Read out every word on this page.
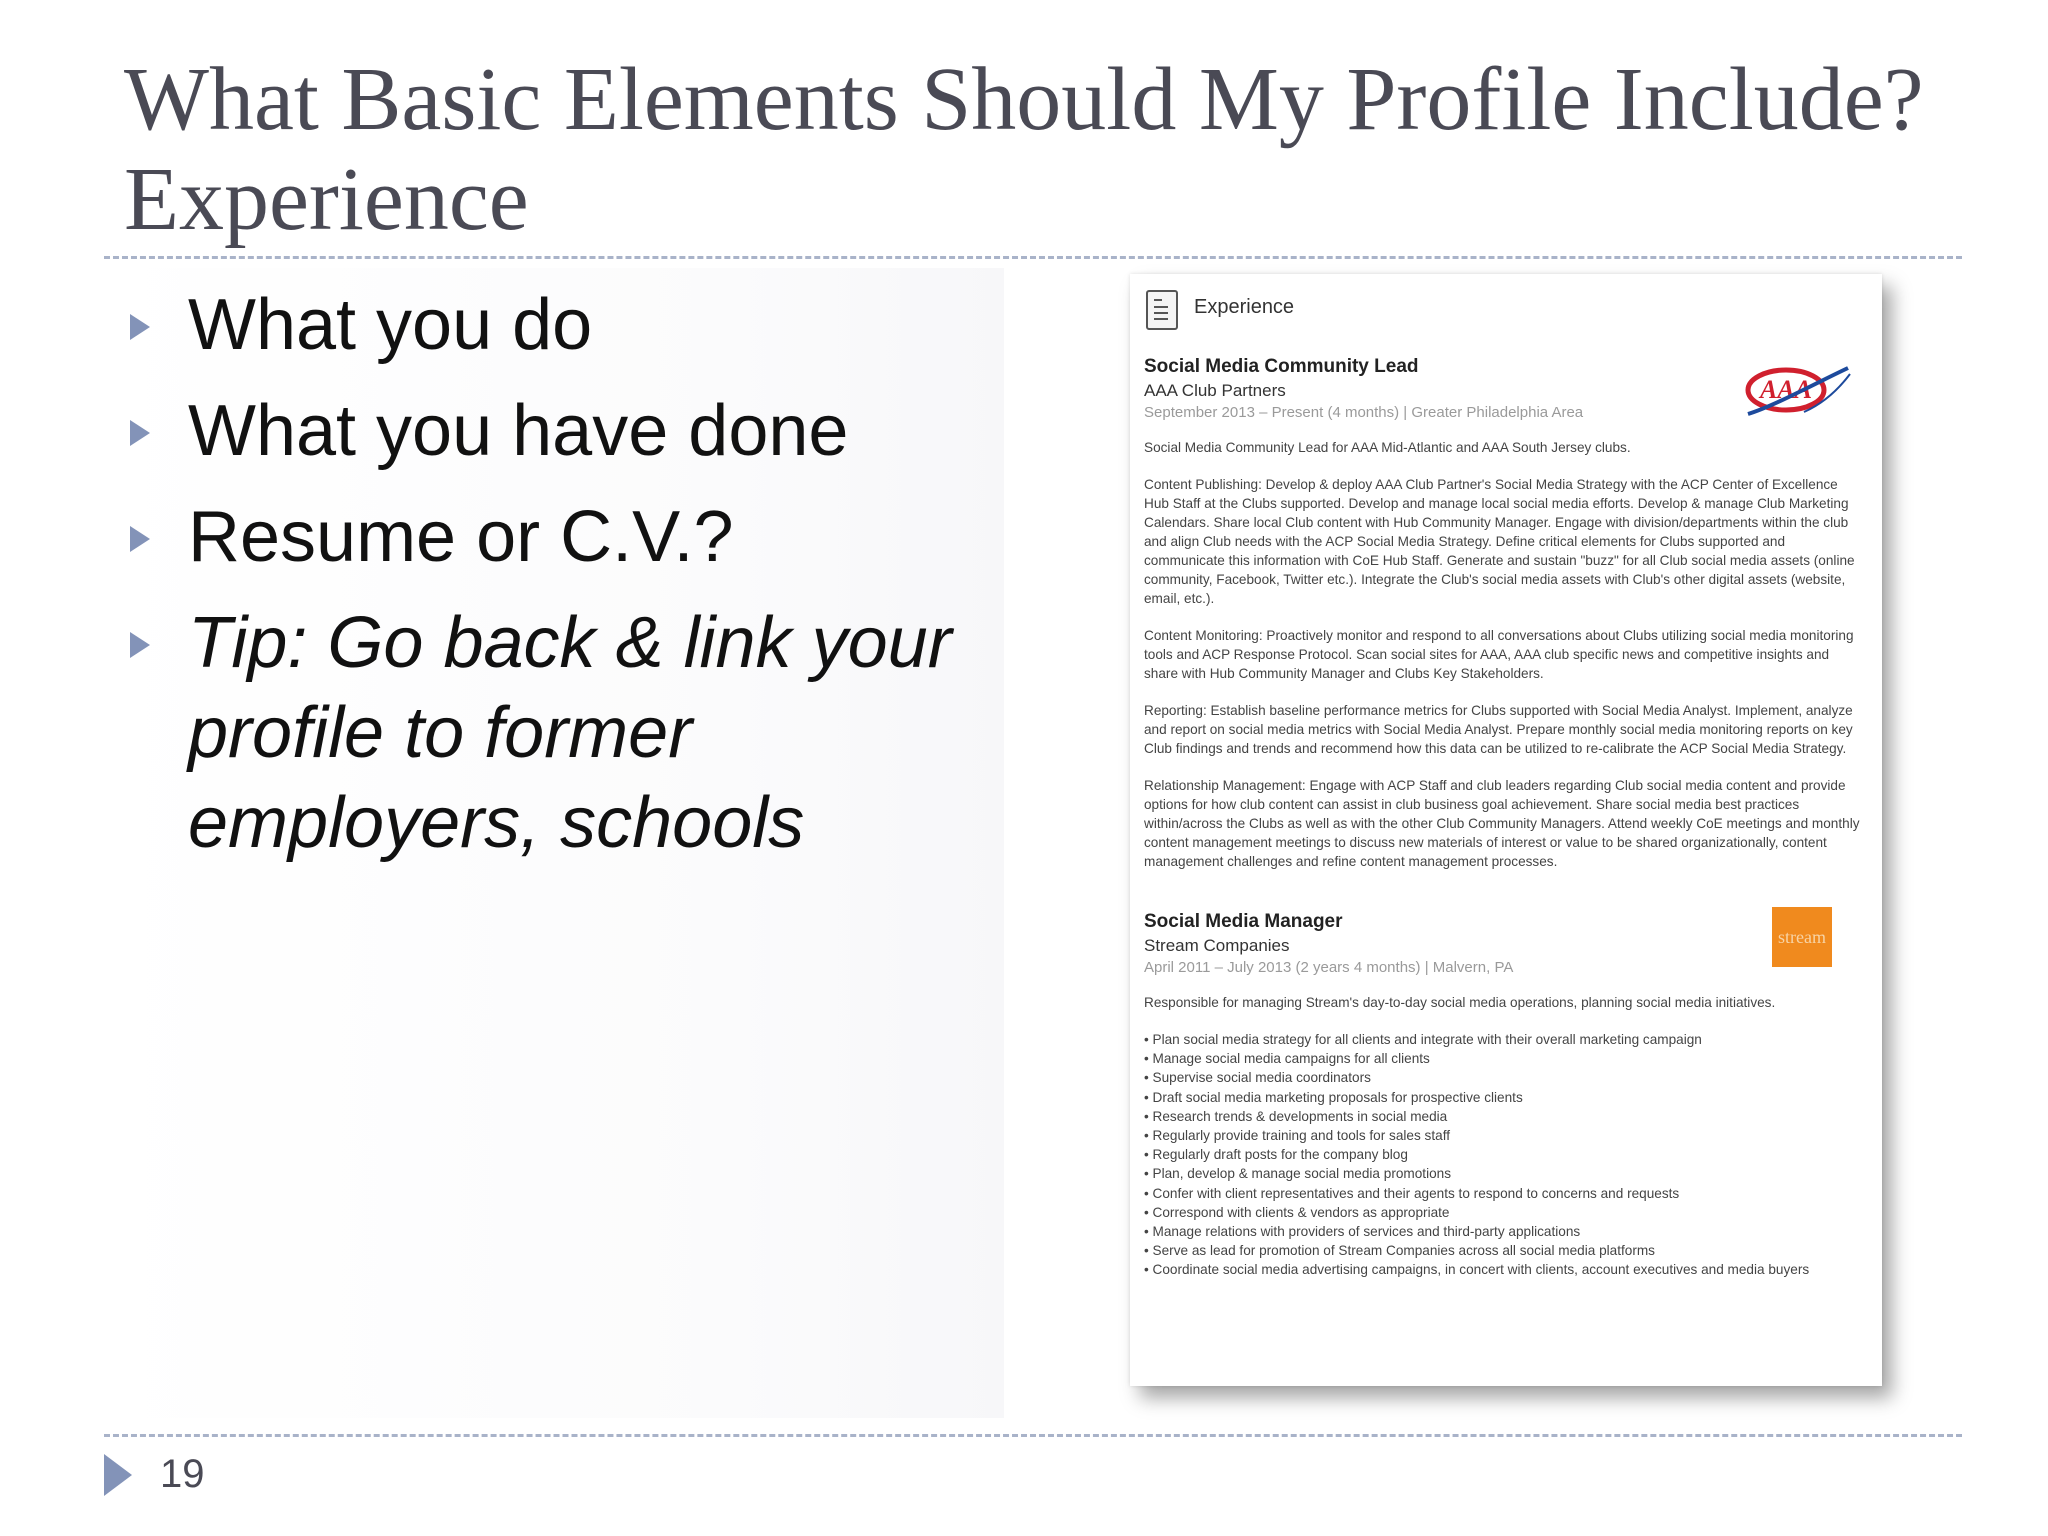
What Basic Elements Should My Profile Include? Experience
What you do
What you have done
Resume or C.V.?
Tip: Go back & link your profile to former employers, schools
Experience
AAA
Social Media Community Lead
AAA Club Partners
September 2013 – Present (4 months) | Greater Philadelphia Area

Social Media Community Lead for AAA Mid-Atlantic and AAA South Jersey clubs.

Content Publishing: Develop & deploy AAA Club Partner's Social Media Strategy with the ACP Center of Excellence Hub Staff at the Clubs supported. Develop and manage local social media efforts. Develop & manage Club Marketing Calendars. Share local Club content with Hub Community Manager. Engage with division/departments within the club and align Club needs with the ACP Social Media Strategy. Define critical elements for Clubs supported and communicate this information with CoE Hub Staff. Generate and sustain "buzz" for all Club social media assets (online community, Facebook, Twitter etc.). Integrate the Club's social media assets with Club's other digital assets (website, email, etc.).

Content Monitoring: Proactively monitor and respond to all conversations about Clubs utilizing social media monitoring tools and ACP Response Protocol. Scan social sites for AAA, AAA club specific news and competitive insights and share with Hub Community Manager and Clubs Key Stakeholders.

Reporting: Establish baseline performance metrics for Clubs supported with Social Media Analyst. Implement, analyze and report on social media metrics with Social Media Analyst. Prepare monthly social media monitoring reports on key Club findings and trends and recommend how this data can be utilized to re-calibrate the ACP Social Media Strategy.

Relationship Management: Engage with ACP Staff and club leaders regarding Club social media content and provide options for how club content can assist in club business goal achievement. Share social media best practices within/across the Clubs as well as with the other Club Community Managers. Attend weekly CoE meetings and monthly content management meetings to discuss new materials of interest or value to be shared organizationally, content management challenges and refine content management processes.

stream
Social Media Manager
Stream Companies
April 2011 – July 2013 (2 years 4 months) | Malvern, PA

Responsible for managing Stream's day-to-day social media operations, planning social media initiatives.

• Plan social media strategy for all clients and integrate with their overall marketing campaign
• Manage social media campaigns for all clients
• Supervise social media coordinators
• Draft social media marketing proposals for prospective clients
• Research trends & developments in social media
• Regularly provide training and tools for sales staff
• Regularly draft posts for the company blog
• Plan, develop & manage social media promotions
• Confer with client representatives and their agents to respond to concerns and requests
• Correspond with clients & vendors as appropriate
• Manage relations with providers of services and third-party applications
• Serve as lead for promotion of Stream Companies across all social media platforms
• Coordinate social media advertising campaigns, in concert with clients, account executives and media buyers
19
